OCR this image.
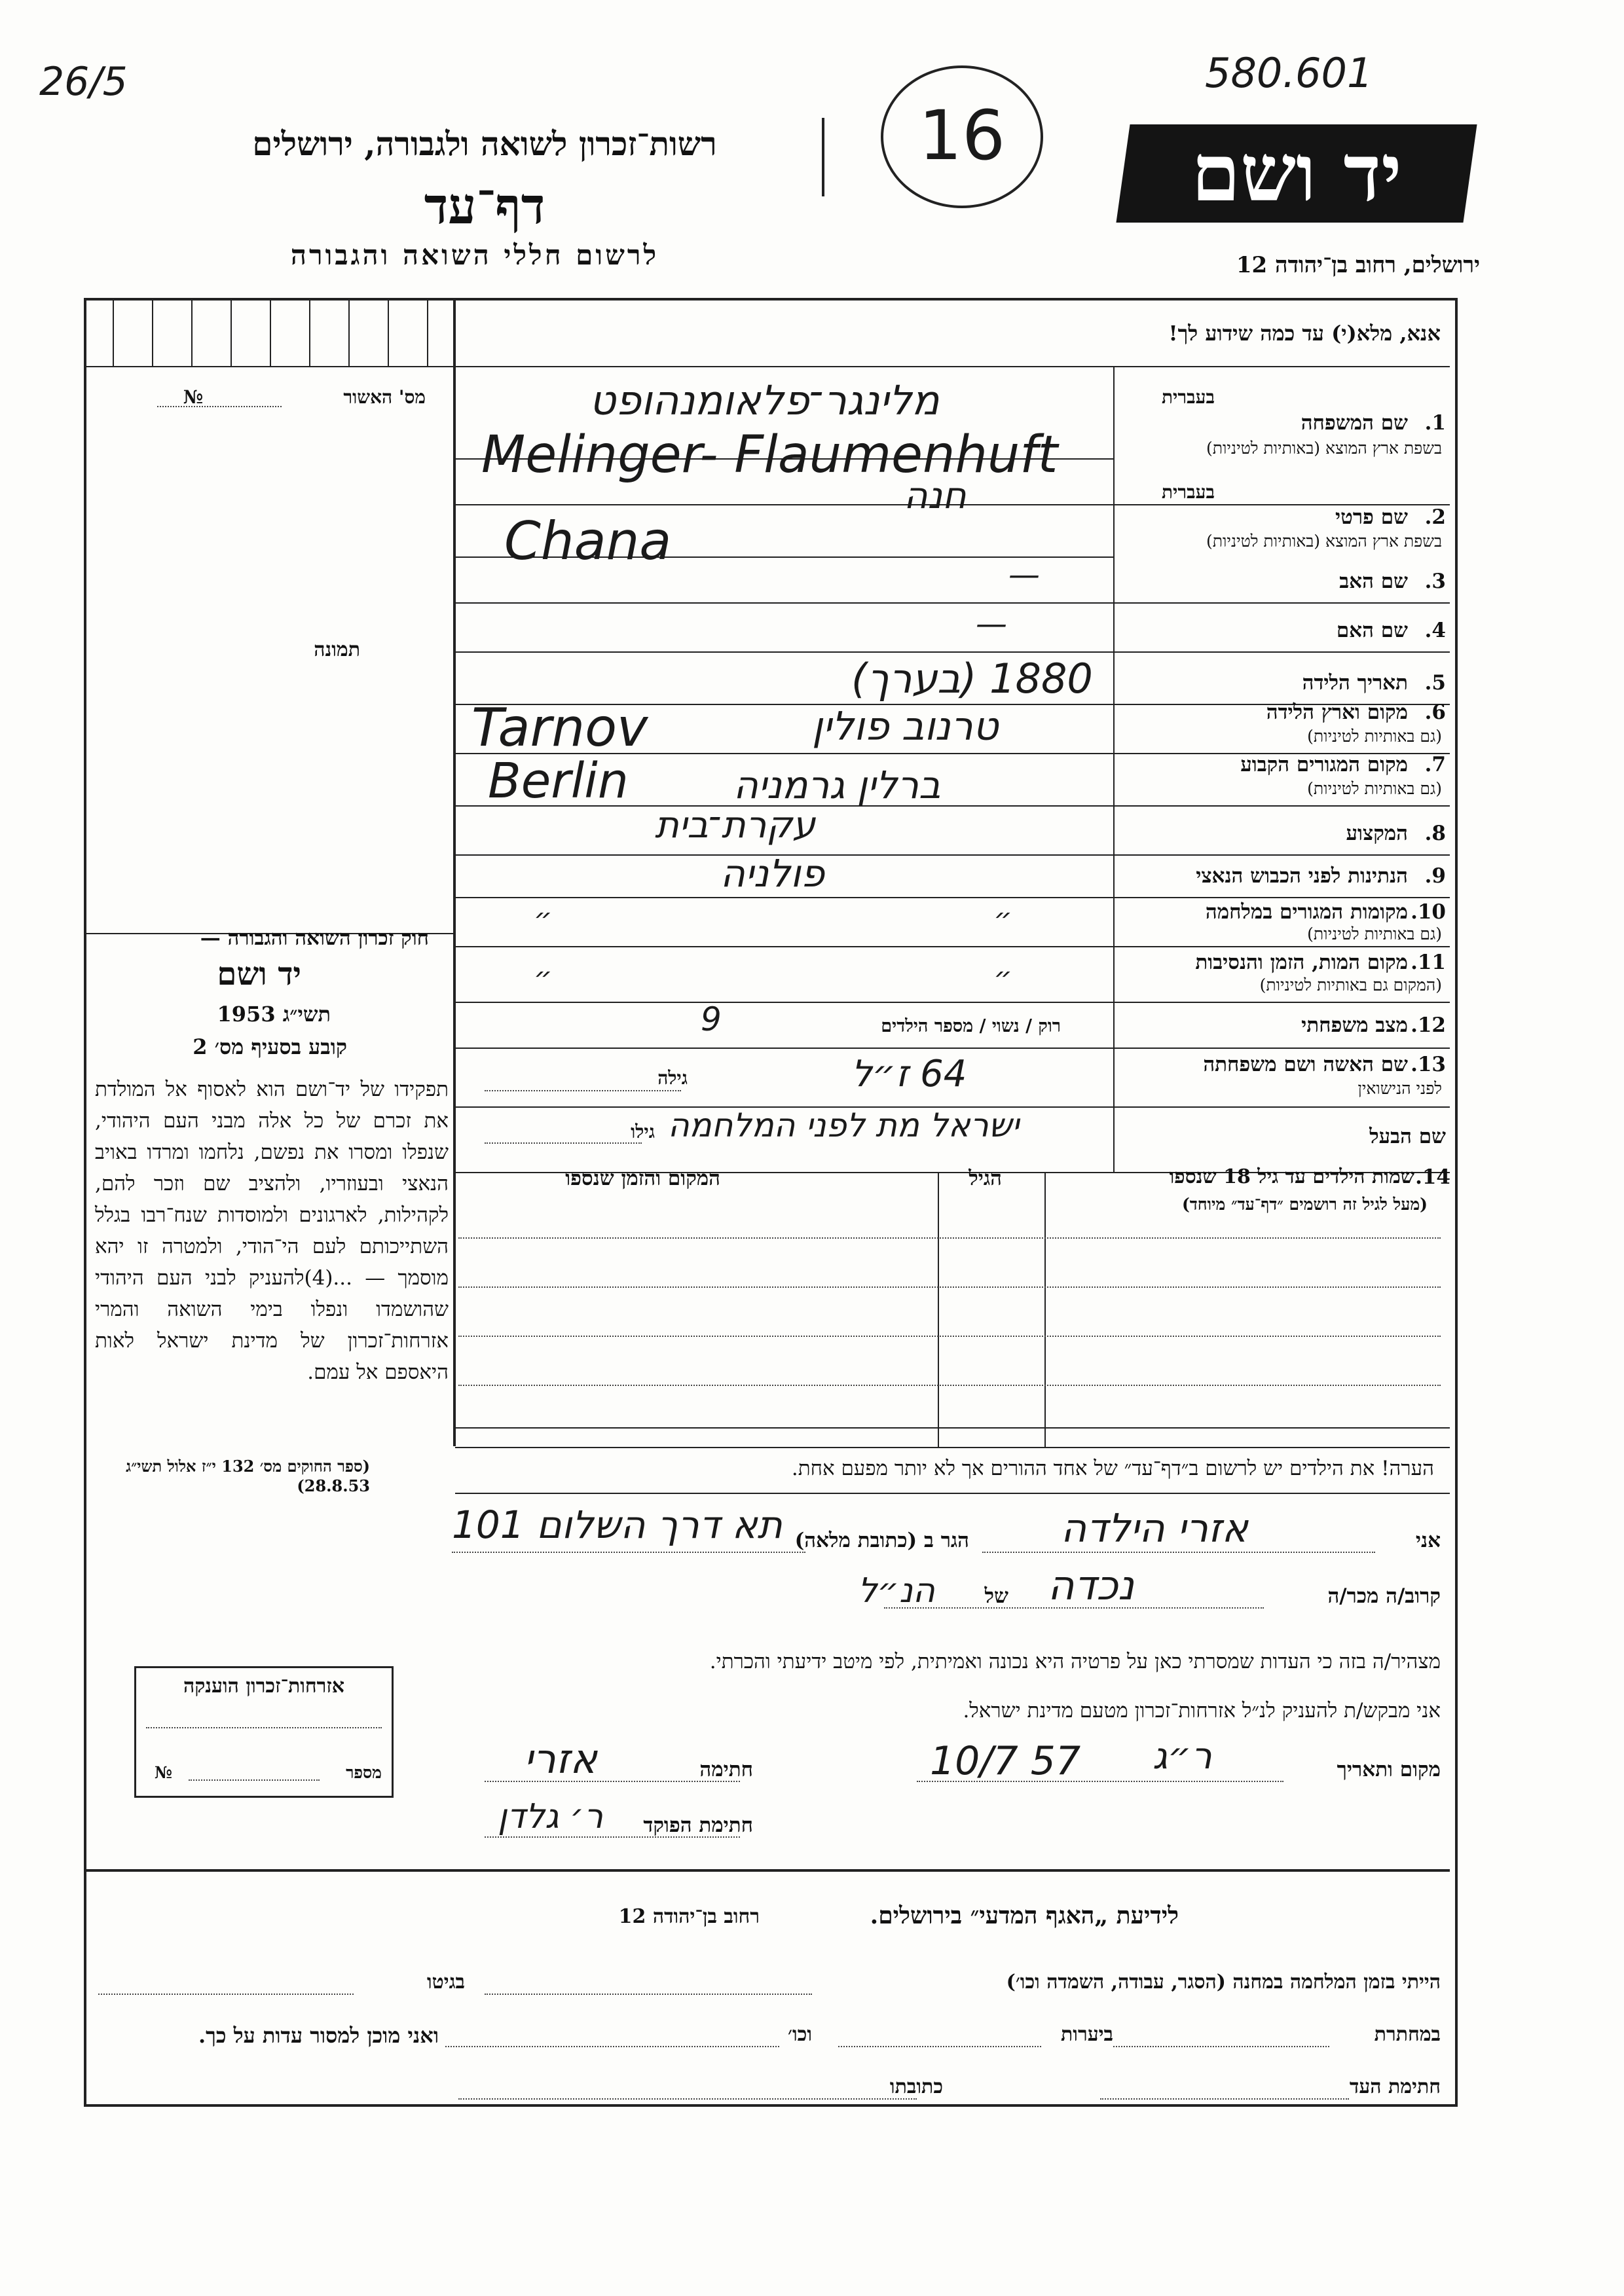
26/5
16
580.601
רשות־זכרון לשואה ולגבורה, ירושלים
דף־עד
לרשום חללי השואה והגבורה
יד ושם
ירושלים, רחוב בן־יהודה 12
אנא, מלא(י) עד כמה שידוע לך!
מס' האשור
№
תמונה
בעברית
1.
שם המשפחה
בשפת ארץ המוצא (באותיות לטיניות)
מלינגר־פלאומנהופט
Melinger- Flaumenhuft
בעברית
2.
שם פרטי
בשפת ארץ המוצא (באותיות לטיניות)
חנה
Chana
3.
שם האב
—
4.
שם האם
—
5.
תאריך הלידה
1880 (בערך)
6.
מקום וארץ הלידה
(גם באותיות לטיניות)
Tarnov	טרנוב פולין
7.
מקום המגורים הקבוע
(גם באותיות לטיניות)
Berlin	ברלין גרמניה
8.
המקצוע
עקרת־בית
9.
הנתינות לפני הכבוש הנאצי
פולניה
10.
מקומות המגורים במלחמה
(גם באותיות לטיניות)
״ ״
11.
מקום המות, הזמן והנסיבות
(המקום גם באותיות לטיניות)
״ ״
12.
מצב משפחתי
רוק / נשוי / מספר הילדים
9
13.
שם האשה ושם משפחתה
לפני הנישואין
גילה	64 ז״ל
שם הבעל
גילו ישראל מת לפני המלחמה
14.
שמות הילדים עד גיל 18 שנספו
(מעל לגיל זה רושמים ״דף־עד״ מיוחד)
הגיל
המקום והזמן שנספו
הערה! את הילדים יש לרשום ב״דף־עד״ של אחד ההורים אך לא יותר מפעם אחת.
חוק זכרון השואה והגבורה —
יד ושם
תשי״ג 1953
קובע בסעיף מס׳ 2
תפקידו של יד־ושם הוא לאסוף אל המולדת את זכרם של כל אלה מבני העם היהודי, שנפלו ומסרו את נפשם, נלחמו ומרדו באויב הנאצי ובעוזריו, ולהציב שם וזכר להם, לקהילות, לארגונים ולמוסדות שנח־רבו בגלל השתייכותם לעם הי־הודי, ולמטרה זו יהא מוסמך — ...(4)להעניק לבני העם היהודי שהושמדו ונפלו בימי השואה והמרי אזרחות־זכרון של מדינת ישראל לאות היאספם אל עמם.
(ספר החוקים מס׳ 132 י״ז אלול תשי״ג 28.8.53)
אזרחות־זכרון הוענקה
מספר
№
אני
אזרי הילדה
הגר ב (כתובת מלאה)
תא דרך השלום 101
קרוב/ה מכר/ה
נכדה
של
הנ״ל
מצהיר/ה בזה כי העדות שמסרתי כאן על פרטיה היא נכונה ואמיתית, לפי מיטב ידיעתי והכרתי.
אני מבקש/ת להעניק לנ״ל אזרחות־זכרון מטעם מדינת ישראל.
מקום ותאריך
ר״ג
10/7 57
חתימה
אזרי
חתימת הפוקד
ר׳ גלדן
לידיעת „האגף המדעי״ בירושלים.
רחוב בן־יהודה 12
הייתי בזמן המלחמה במחנה (הסגר, עבודה, השמדה וכו׳)
בגיטו
במחתרת
ביערות
וכו׳
ואני מוכן למסור עדות על כך.
חתימת העד
כתובתו
